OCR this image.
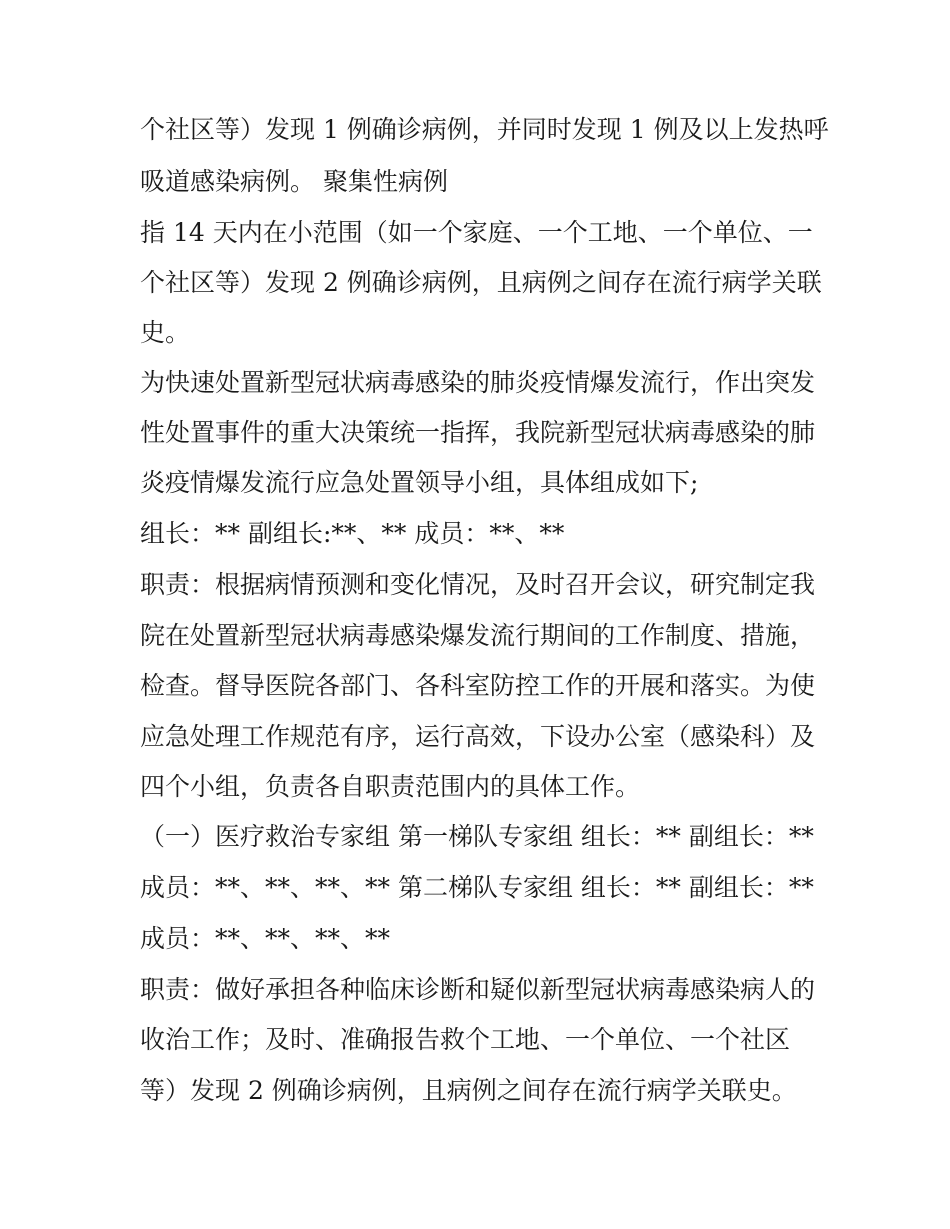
个社区等）发现 1 例确诊病例，并同时发现 1 例及以上发热呼
吸道感染病例。 聚集性病例
指 14 天内在小范围（如一个家庭、一个工地、一个单位、一
个社区等）发现 2 例确诊病例，且病例之间存在流行病学关联
史。
为快速处置新型冠状病毒感染的肺炎疫情爆发流行，作出突发
性处置事件的重大决策统一指挥，我院新型冠状病毒感染的肺
炎疫情爆发流行应急处置领导小组，具体组成如下;
组长：** 副组长:**、** 成员：**、**
职责：根据病情预测和变化情况，及时召开会议，研究制定我
院在处置新型冠状病毒感染爆发流行期间的工作制度、措施，
检查。督导医院各部门、各科室防控工作的开展和落实。为使
应急处理工作规范有序，运行高效，下设办公室（感染科）及
四个小组，负责各自职责范围内的具体工作。
（一）医疗救治专家组 第一梯队专家组 组长：** 副组长：**
成员：**、**、**、** 第二梯队专家组 组长：** 副组长：**
成员：**、**、**、**
职责：做好承担各种临床诊断和疑似新型冠状病毒感染病人的
收治工作；及时、准确报告救个工地、一个单位、一个社区
等）发现 2 例确诊病例，且病例之间存在流行病学关联史。
